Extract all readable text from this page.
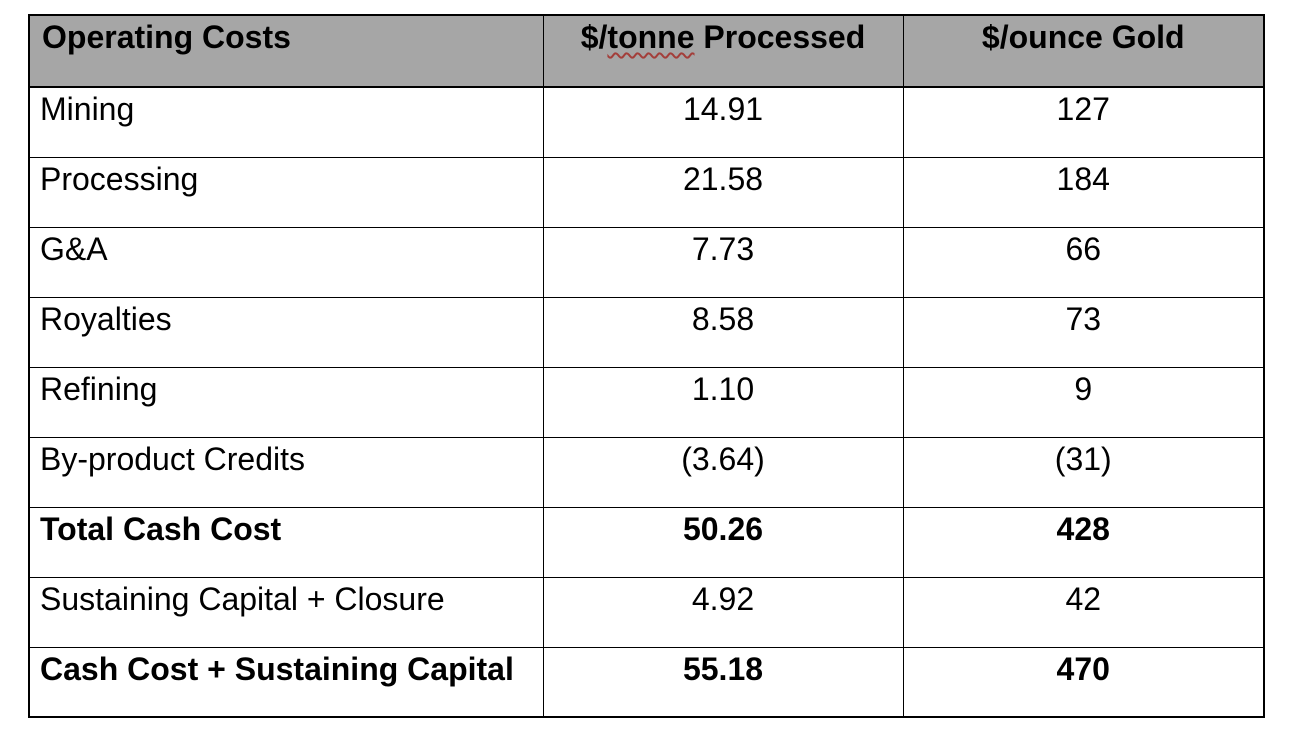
Operating Costs	$/tonne Processed	$/ounce Gold
Mining	14.91	127
Processing	21.58	184
G&A	7.73	66
Royalties	8.58	73
Refining	1.10	9
By-product Credits	(3.64)	(31)
Total Cash Cost	50.26	428
Sustaining Capital + Closure	4.92	42
Cash Cost + Sustaining Capital	55.18	470
